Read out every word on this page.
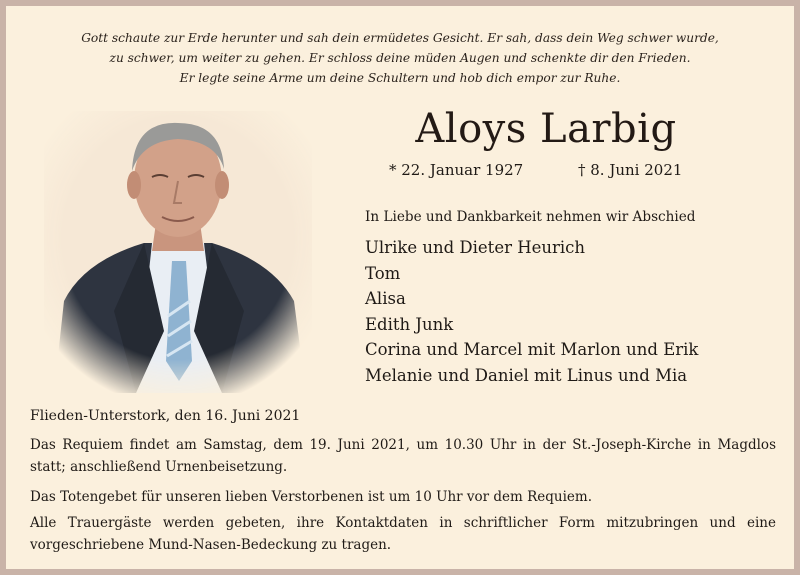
Gott schaute zur Erde herunter und sah dein ermüdetes Gesicht. Er sah, dass dein Weg schwer wurde,
zu schwer, um weiter zu gehen. Er schloss deine müden Augen und schenkte dir den Frieden.
Er legte seine Arme um deine Schultern und hob dich empor zur Ruhe.
Aloys Larbig
* 22. Januar 1927	† 8. Juni 2021
In Liebe und Dankbarkeit nehmen wir Abschied
Ulrike und Dieter Heurich
Tom
Alisa
Edith Junk
Corina und Marcel mit Marlon und Erik
Melanie und Daniel mit Linus und Mia
Flieden-Unterstork, den 16. Juni 2021
Das Requiem findet am Samstag, dem 19. Juni 2021, um 10.30 Uhr in der St.-Joseph-Kirche in Magdlos statt; anschließend Urnenbeisetzung.
Das Totengebet für unseren lieben Verstorbenen ist um 10 Uhr vor dem Requiem.
Alle Trauergäste werden gebeten, ihre Kontaktdaten in schriftlicher Form mitzubringen und eine vorgeschriebene Mund-Nasen-Bedeckung zu tragen.
